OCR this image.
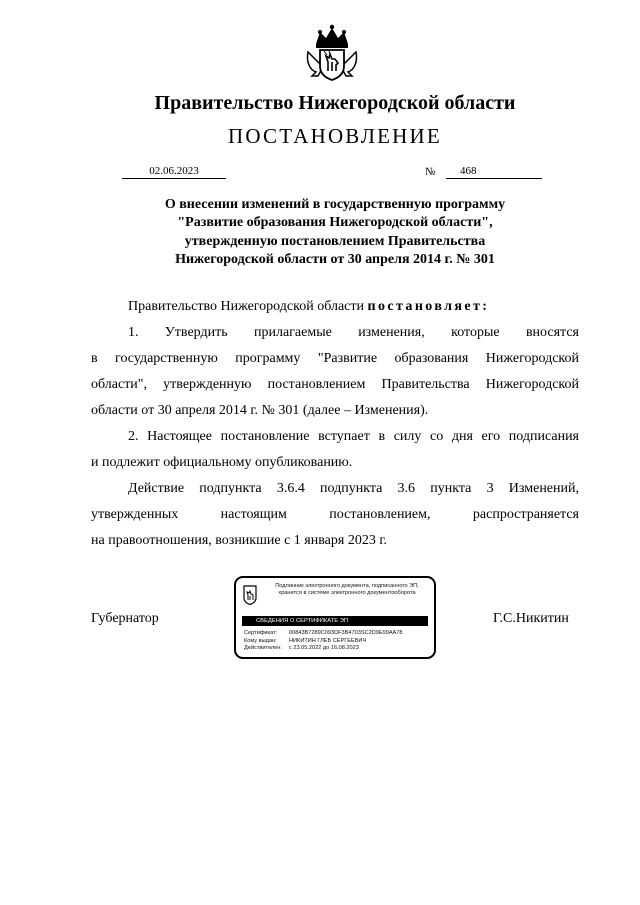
Правительство Нижегородской области
ПОСТАНОВЛЕНИЕ
02.06.2023	№	468
О внесении изменений в государственную программу
"Развитие образования Нижегородской области",
утвержденную постановлением Правительства
Нижегородской области от 30 апреля 2014 г. № 301
Правительство Нижегородской области постановляет:
1. Утвердить прилагаемые изменения, которые вносятся
в государственную программу "Развитие образования Нижегородской
области", утвержденную постановлением Правительства Нижегородской
области от 30 апреля 2014 г. № 301 (далее – Изменения).
2. Настоящее постановление вступает в силу со дня его подписания
и подлежит официальному опубликованию.
Действие подпункта 3.6.4 подпункта 3.6 пункта 3 Изменений,
утвержденных настоящим постановлением, распространяется
на правоотношения, возникшие с 1 января 2023 г.
Губернатор	Г.С.Никитин
Подлинник электронного документа, подписанного ЭП,
хранится в системе электронного документооборота
СВЕДЕНИЯ О СЕРТИФИКАТЕ ЭП
Сертификат: 00843B7289C093DF3B4703SC2D9E99AA78
Кому выдан: НИКИТИН ГЛЕБ СЕРГЕЕВИЧ
Действителен: с 23.05.2022 до 16.08.2023
